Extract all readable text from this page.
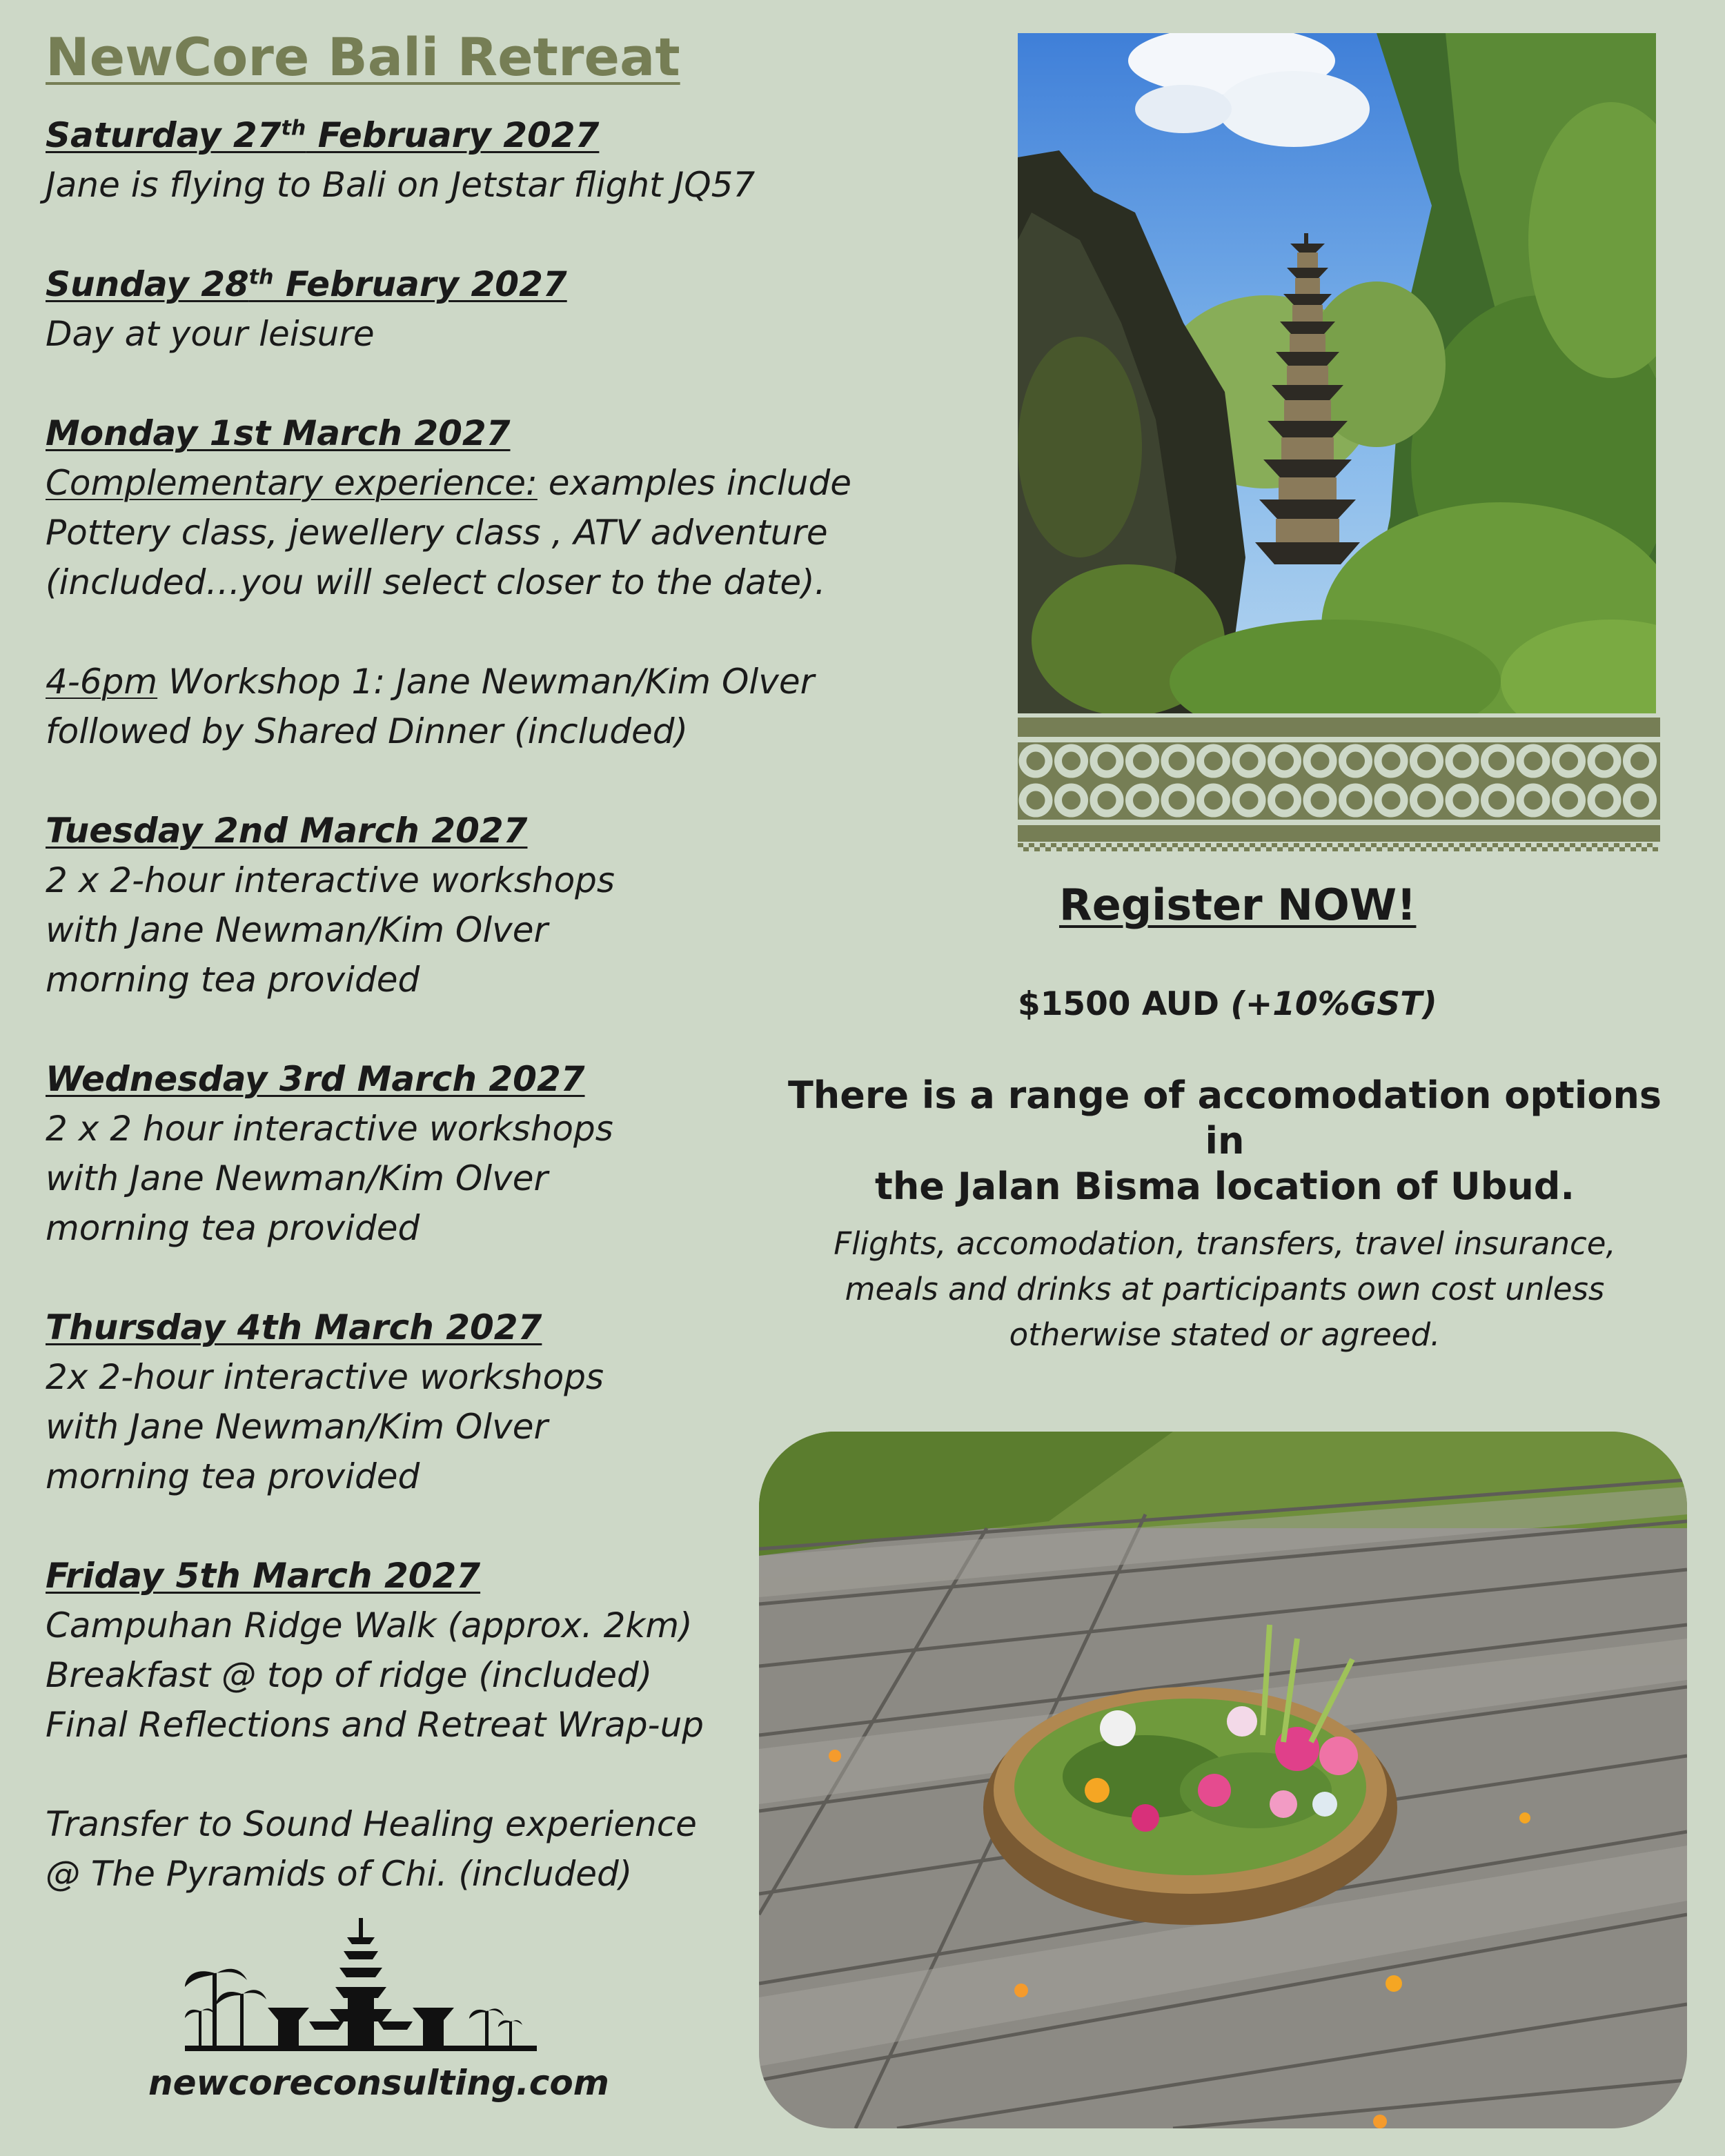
NewCore Bali Retreat
Saturday 27th February 2027
Jane is flying to Bali on Jetstar flight JQ57
Sunday 28th February 2027
Day at your leisure
Monday 1st March 2027
Complementary experience: examples include
Pottery class, jewellery class , ATV adventure
(included…you will select closer to the date).

4-6pm Workshop 1: Jane Newman/Kim Olver
followed by Shared Dinner (included)
Tuesday 2nd March 2027
2 x 2-hour interactive workshops
with Jane Newman/Kim Olver
morning tea provided
Wednesday 3rd March 2027
2 x 2 hour interactive workshops
with Jane Newman/Kim Olver
morning tea provided
Thursday 4th March 2027
2x 2-hour interactive workshops
with Jane Newman/Kim Olver
morning tea provided
Friday 5th March 2027
Campuhan Ridge Walk (approx. 2km)
Breakfast @ top of ridge (included)
Final Reflections and Retreat Wrap-up

Transfer to Sound Healing experience
@ The Pyramids of Chi. (included)
Register NOW!
$1500 AUD (+10%GST)
There is a range of accomodation options in
the Jalan Bisma location of Ubud.
Flights, accomodation, transfers, travel insurance,
meals and drinks at participants own cost unless
otherwise stated or agreed.
newcoreconsulting.com
